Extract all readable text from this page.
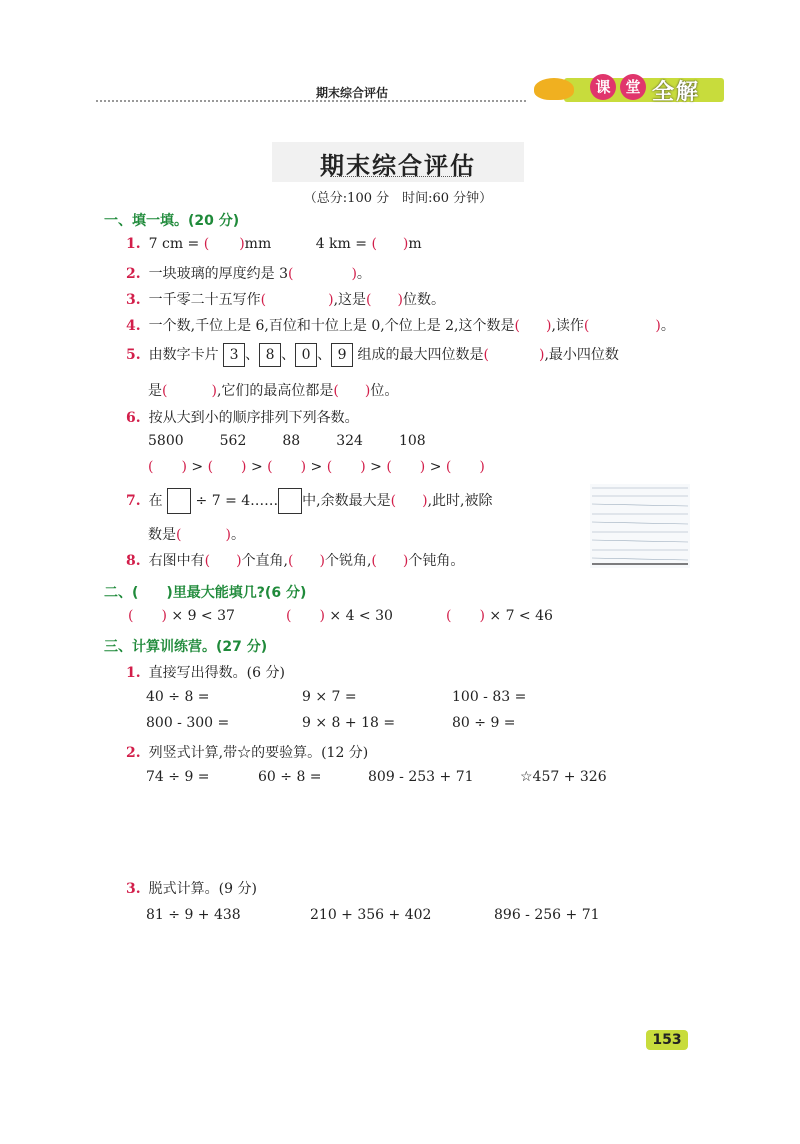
期末综合评估	课 堂 全解
期末综合评估
（总分:100 分　时间:60 分钟）
一、填一填。(20 分)
1. 7 cm = ( )mm	4 km = ( )m
2. 一块玻璃的厚度约是 3(	)。
3. 一千零二十五写作(	),这是( )位数。
4. 一个数,千位上是 6,百位和十位上是 0,个位上是 2,这个数是( ),读作(	)。
5. 由数字卡片 3 、 8 、 0 、 9 组成的最大四位数是(	),最小四位数
是(	),它们的最高位都是( )位。
6. 按从大到小的顺序排列下列各数。
5800	562	88	324	108
( ) > ( ) > ( ) > ( ) > ( ) > ( )
7. 在 ÷ 7 = 4…… 中,余数最大是( ),此时,被除
数是(	)。
8. 右图中有( )个直角,( )个锐角,( )个钝角。
二、( )里最大能填几?(6 分)
( ) × 9 < 37	( ) × 4 < 30	( ) × 7 < 46
三、计算训练营。(27 分)
1. 直接写出得数。(6 分)
40 ÷ 8 =	9 × 7 =	100 - 83 =
800 - 300 =	9 × 8 + 18 =	80 ÷ 9 =
2. 列竖式计算,带☆的要验算。(12 分)
74 ÷ 9 =	60 ÷ 8 =	809 - 253 + 71	☆457 + 326
3. 脱式计算。(9 分)
81 ÷ 9 + 438	210 + 356 + 402	896 - 256 + 71
153
